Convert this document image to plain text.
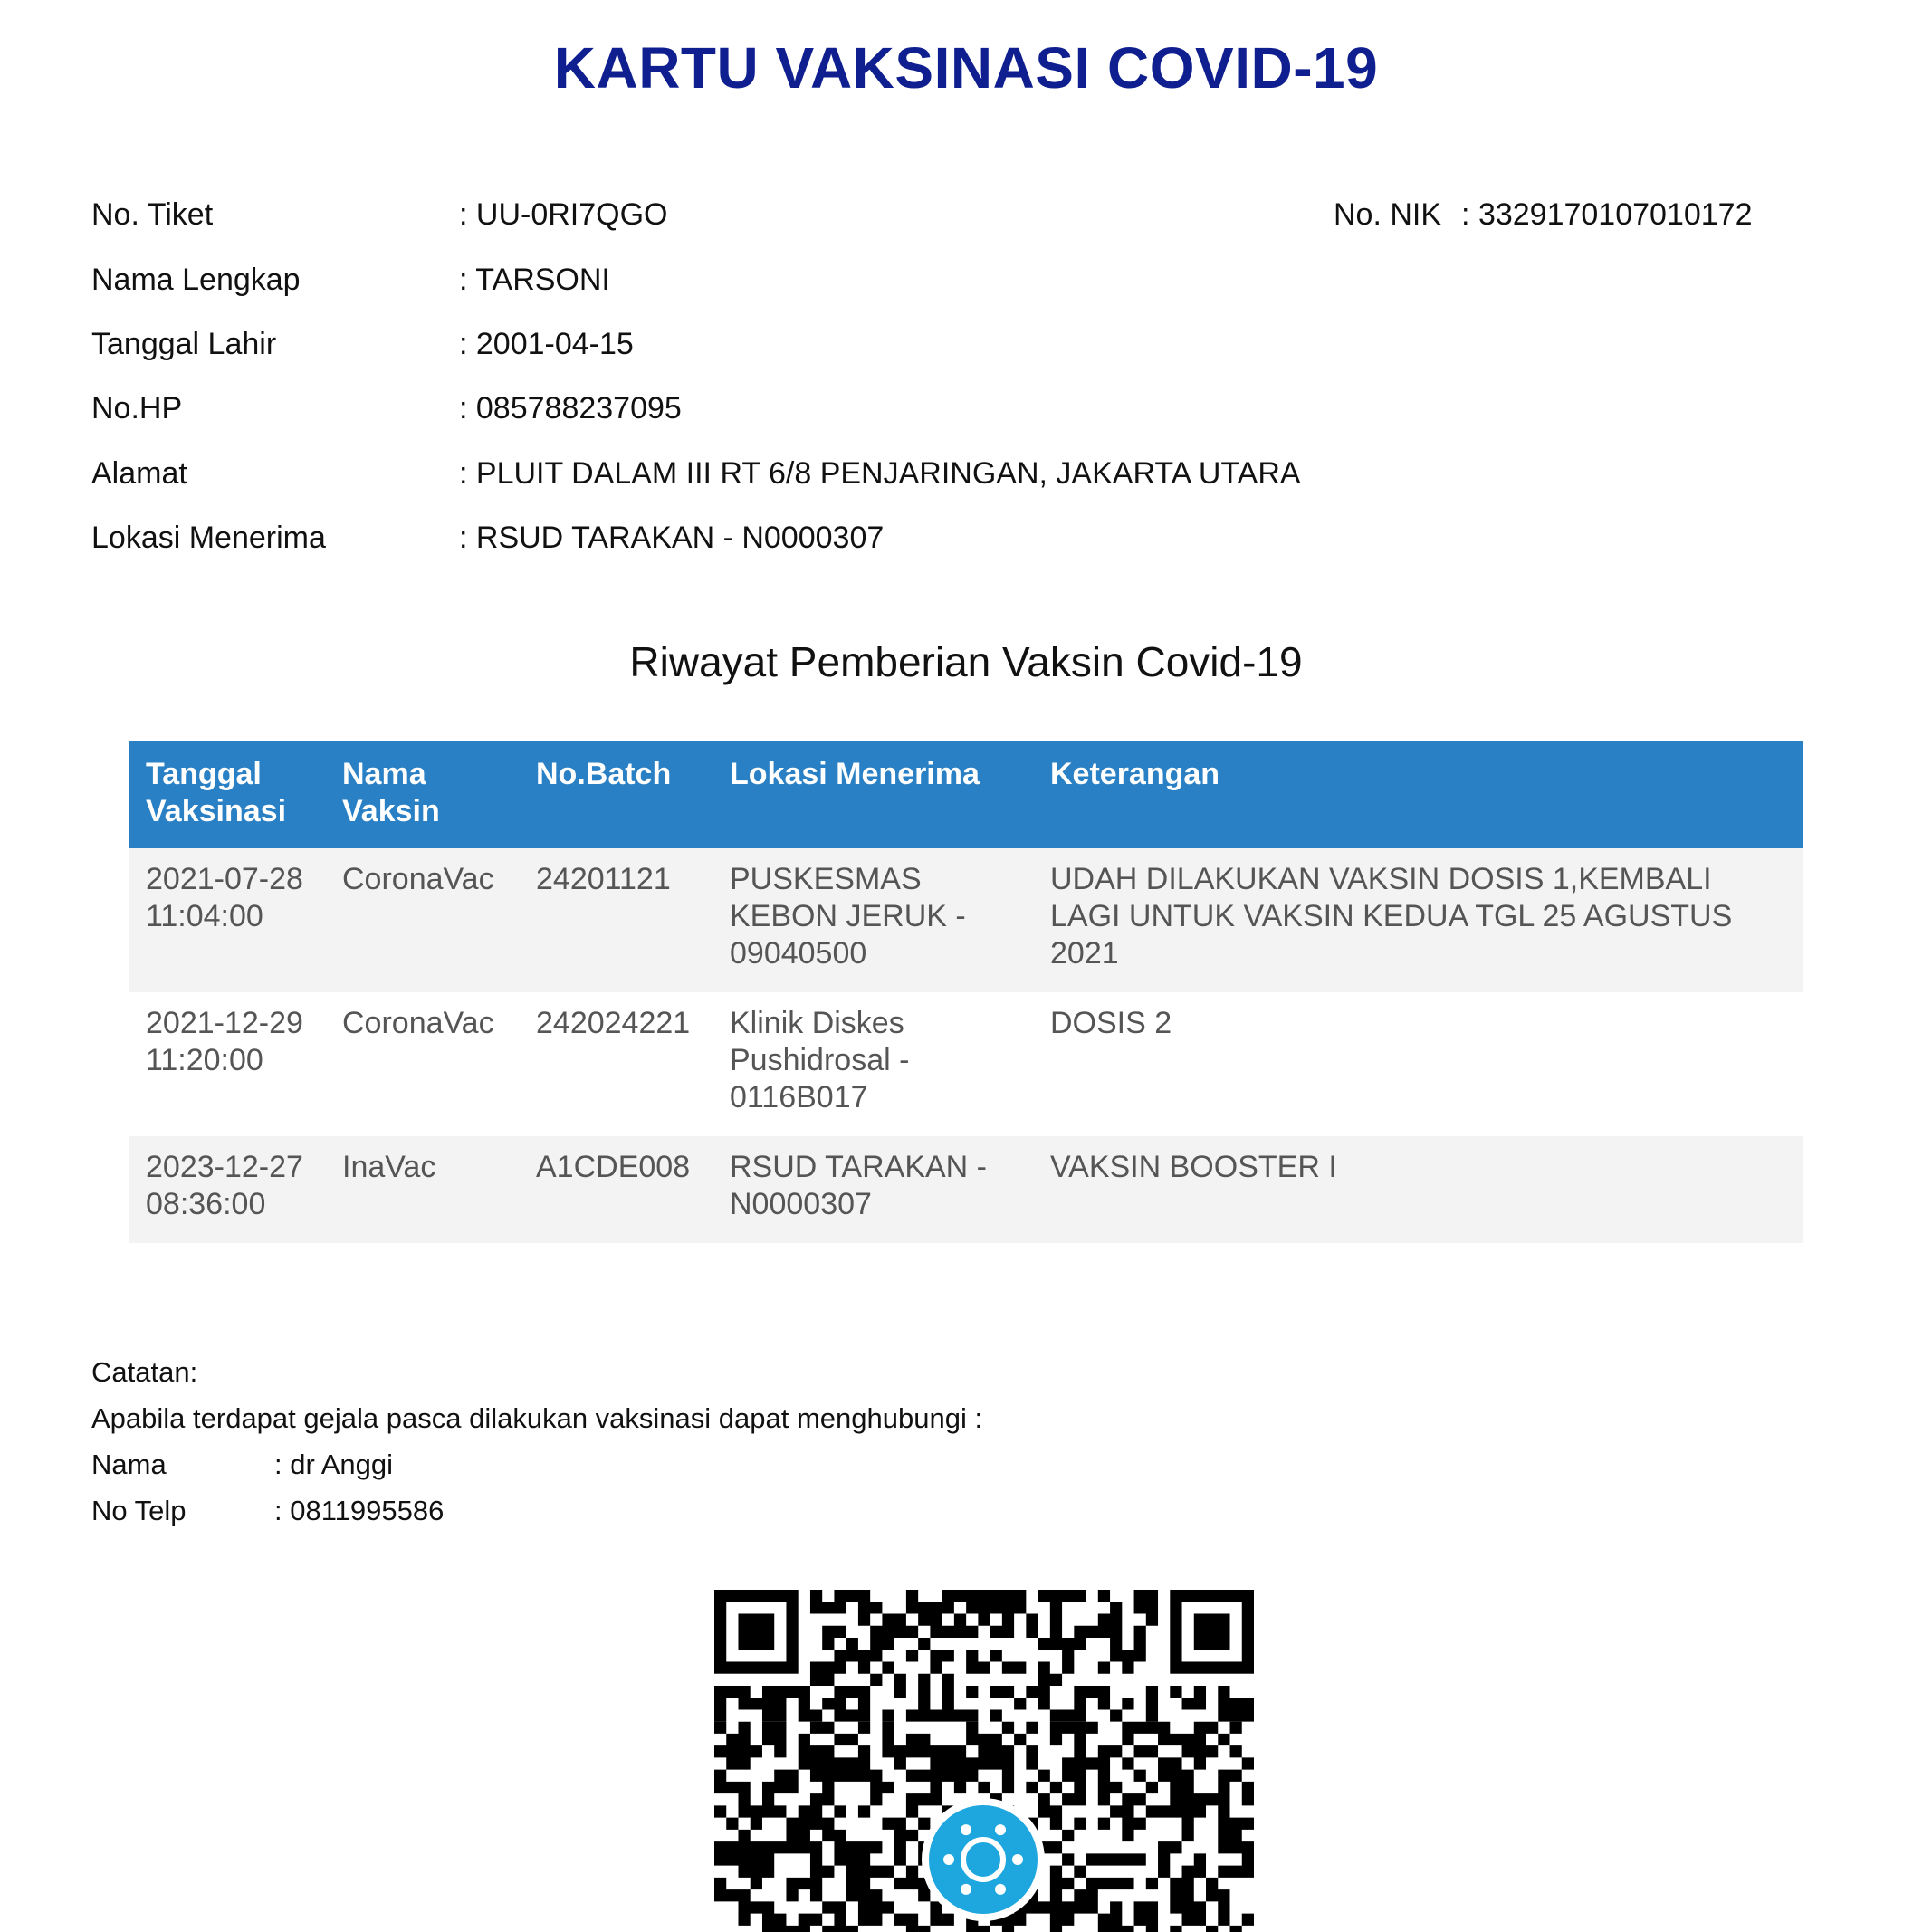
KARTU VAKSINASI COVID-19
No. Tiket	: UU-0RI7QGO	No. NIK : 3329170107010172
Nama Lengkap	: TARSONI
Tanggal Lahir	: 2001-04-15
No.HP	: 085788237095
Alamat	: PLUIT DALAM III RT 6/8 PENJARINGAN, JAKARTA UTARA
Lokasi Menerima	: RSUD TARAKAN - N0000307
Riwayat Pemberian Vaksin Covid-19
Tanggal Vaksinasi	Nama Vaksin	No.Batch	Lokasi Menerima	Keterangan
2021-07-28 11:04:00	CoronaVac	24201121	PUSKESMAS KEBON JERUK - 09040500	UDAH DILAKUKAN VAKSIN DOSIS 1,KEMBALI LAGI UNTUK VAKSIN KEDUA TGL 25 AGUSTUS 2021
2021-12-29 11:20:00	CoronaVac	242024221	Klinik Diskes Pushidrosal - 0116B017	DOSIS 2
2023-12-27 08:36:00	InaVac	A1CDE008	RSUD TARAKAN - N0000307	VAKSIN BOOSTER I
Catatan:
Apabila terdapat gejala pasca dilakukan vaksinasi dapat menghubungi :
Nama	: dr Anggi
No Telp	: 0811995586
